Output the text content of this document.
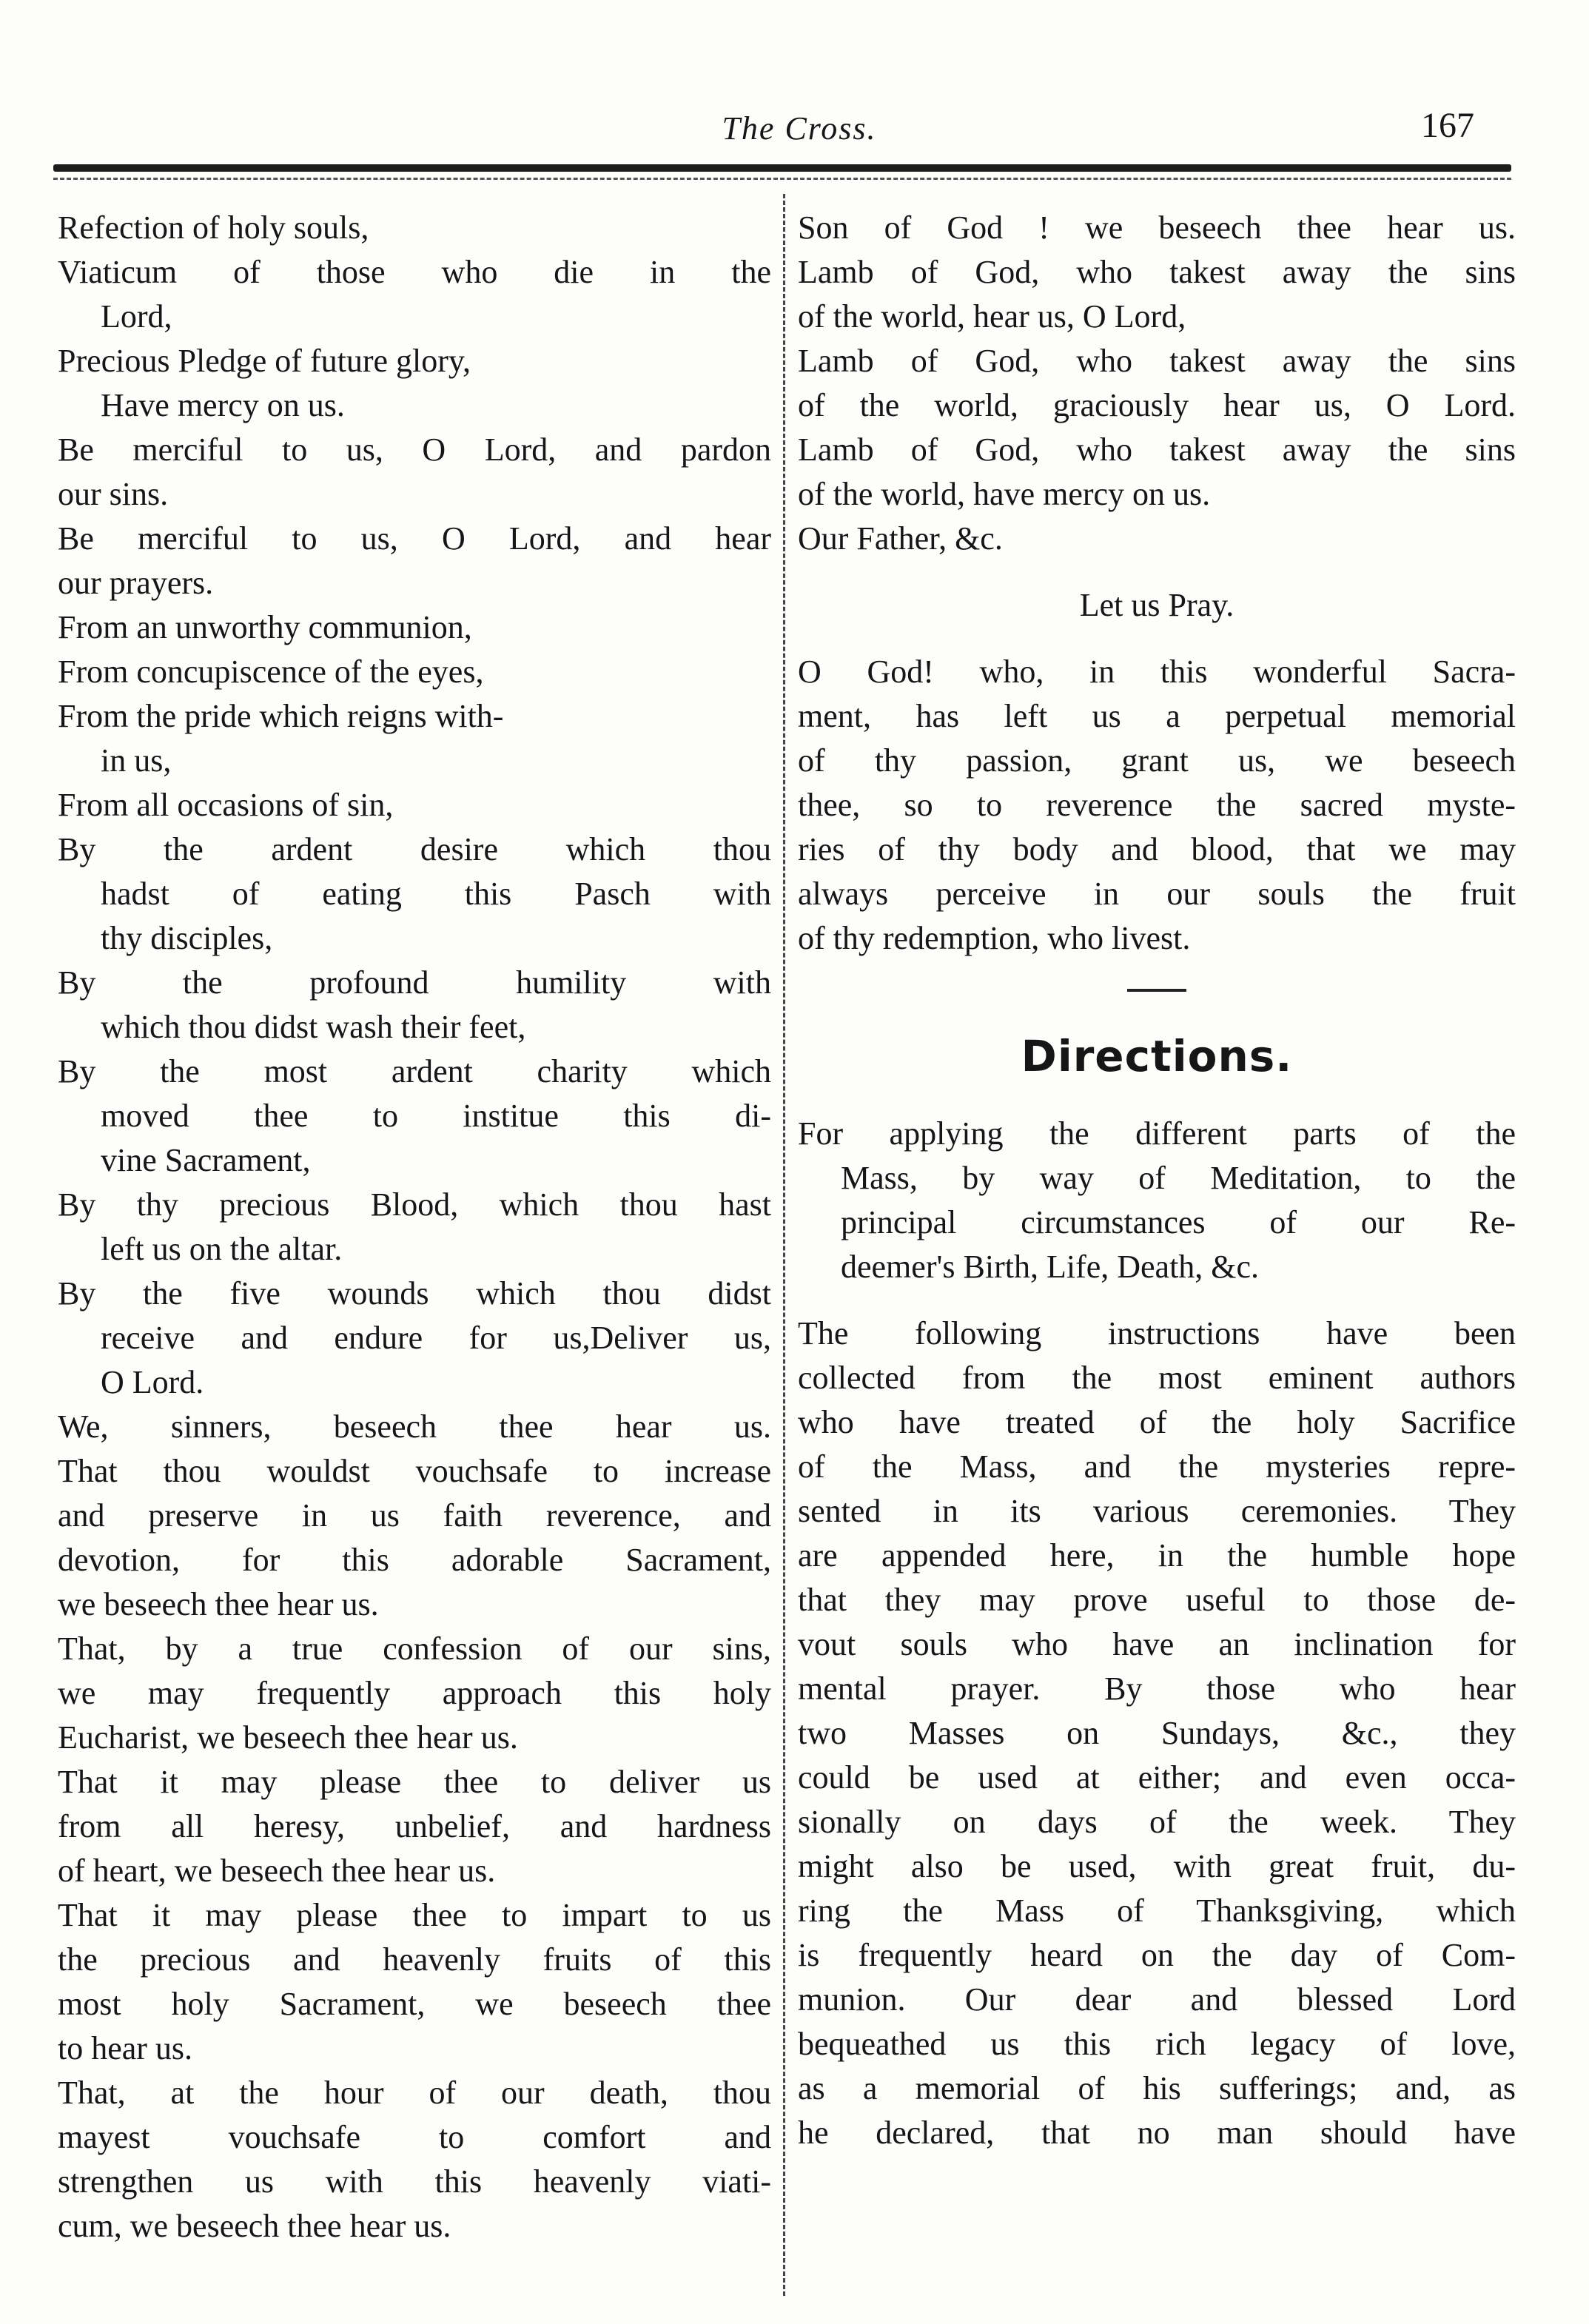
The Cross.	167
Refection of holy souls,
Viaticum of those who die in the
Lord,
Precious Pledge of future glory,
Have mercy on us.
Be merciful to us, O Lord, and pardon
our sins.
Be merciful to us, O Lord, and hear
our prayers.
From an unworthy communion,
From concupiscence of the eyes,
From the pride which reigns with-
in us,
From all occasions of sin,
By the ardent desire which thou
hadst of eating this Pasch with
thy disciples,
By the profound humility with
which thou didst wash their feet,
By the most ardent charity which
moved thee to institue this di-
vine Sacrament,
By thy precious Blood, which thou hast
left us on the altar.
By the five wounds which thou didst
receive and endure for us,Deliver us,
O Lord.
We, sinners, beseech thee hear us.
That thou wouldst vouchsafe to increase
and preserve in us faith reverence, and
devotion, for this adorable Sacrament,
we beseech thee hear us.
That, by a true confession of our sins,
we may frequently approach this holy
Eucharist, we beseech thee hear us.
That it may please thee to deliver us
from all heresy, unbelief, and hardness
of heart, we beseech thee hear us.
That it may please thee to impart to us
the precious and heavenly fruits of this
most holy Sacrament, we beseech thee
to hear us.
That, at the hour of our death, thou
mayest vouchsafe to comfort and
strengthen us with this heavenly viati-
cum, we beseech thee hear us.
Son of God ! we beseech thee hear us.
Lamb of God, who takest away the sins
of the world, hear us, O Lord,
Lamb of God, who takest away the sins
of the world, graciously hear us, O Lord.
Lamb of God, who takest away the sins
of the world, have mercy on us.
Our Father, &c.
Let us Pray.
O God! who, in this wonderful Sacra-
ment, has left us a perpetual memorial
of thy passion, grant us, we beseech
thee, so to reverence the sacred myste-
ries of thy body and blood, that we may
always perceive in our souls the fruit
of thy redemption, who livest.
Directions.
For applying the different parts of the
Mass, by way of Meditation, to the
principal circumstances of our Re-
deemer's Birth, Life, Death, &c.
The following instructions have been
collected from the most eminent authors
who have treated of the holy Sacrifice
of the Mass, and the mysteries repre-
sented in its various ceremonies. They
are appended here, in the humble hope
that they may prove useful to those de-
vout souls who have an inclination for
mental prayer. By those who hear
two Masses on Sundays, &c., they
could be used at either; and even occa-
sionally on days of the week. They
might also be used, with great fruit, du-
ring the Mass of Thanksgiving, which
is frequently heard on the day of Com-
munion. Our dear and blessed Lord
bequeathed us this rich legacy of love,
as a memorial of his sufferings; and, as
he declared, that no man should have
